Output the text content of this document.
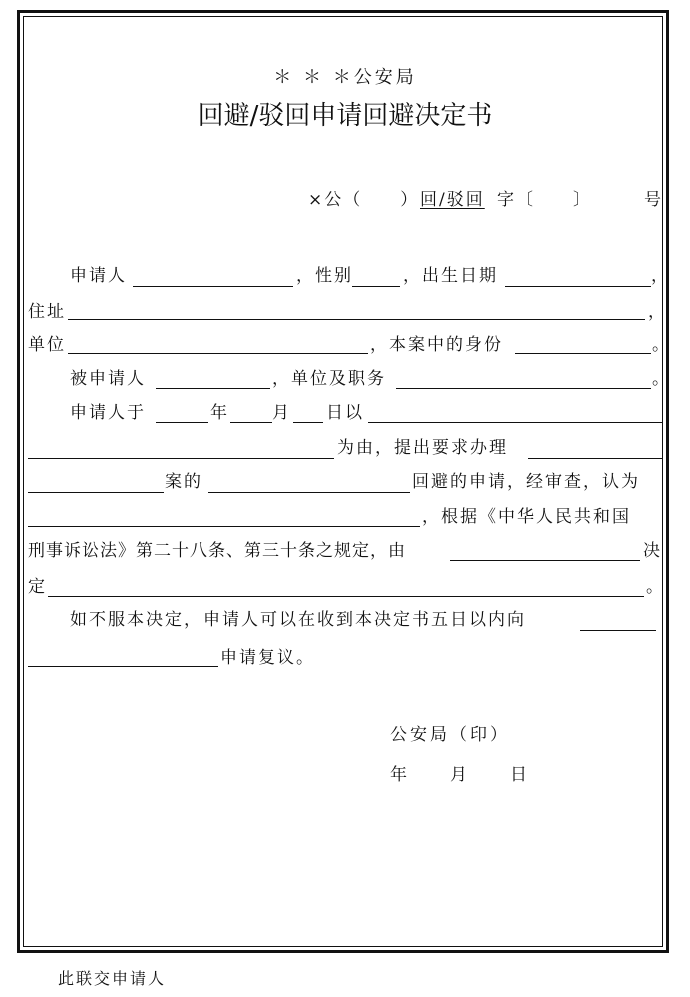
＊ ＊ ＊公安局
回避/驳回申请回避决定书
×公（　　） 回/驳回 字〔　　〕	号
申请人	，性别	，出生日期	，
住址	，
单位	，本案中的身份	。
被申请人	，单位及职务	。
申请人于	年	月 日以
为由，提出要求办理
案的	回避的申请，经审查，认为
，根据《中华人民共和国
刑事诉讼法》第二十八条、第三十条之规定，由	决
定	。
如不服本决定，申请人可以在收到本决定书五日以内向
申请复议。
公安局（印）
年　　月　　日
此联交申请人
